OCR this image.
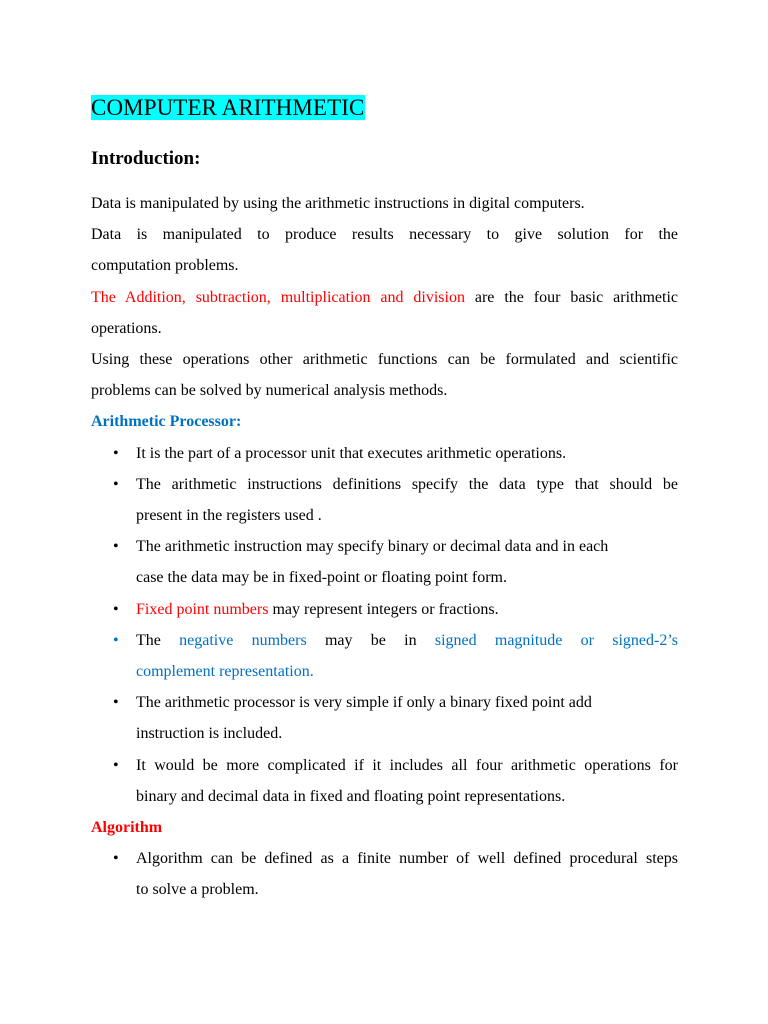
COMPUTER ARITHMETIC
Introduction:

Data is manipulated by using the arithmetic instructions in digital computers.

Data is manipulated to produce results necessary to give solution for the
computation problems.

The Addition, subtraction, multiplication and division are the four basic arithmetic
operations.

Using these operations other arithmetic functions can be formulated and scientific
problems can be solved by numerical analysis methods.

Arithmetic Processor:

• It is the part of a processor unit that executes arithmetic operations.
• The arithmetic instructions definitions specify the data type that should be
present in the registers used .
• The arithmetic instruction may specify binary or decimal data and in each
case the data may be in fixed-point or floating point form.
• Fixed point numbers may represent integers or fractions.
• The negative numbers may be in signed magnitude or signed-2’s
complement representation.
• The arithmetic processor is very simple if only a binary fixed point add
instruction is included.
• It would be more complicated if it includes all four arithmetic operations for
binary and decimal data in fixed and floating point representations.

Algorithm

• Algorithm can be defined as a finite number of well defined procedural steps
to solve a problem.
